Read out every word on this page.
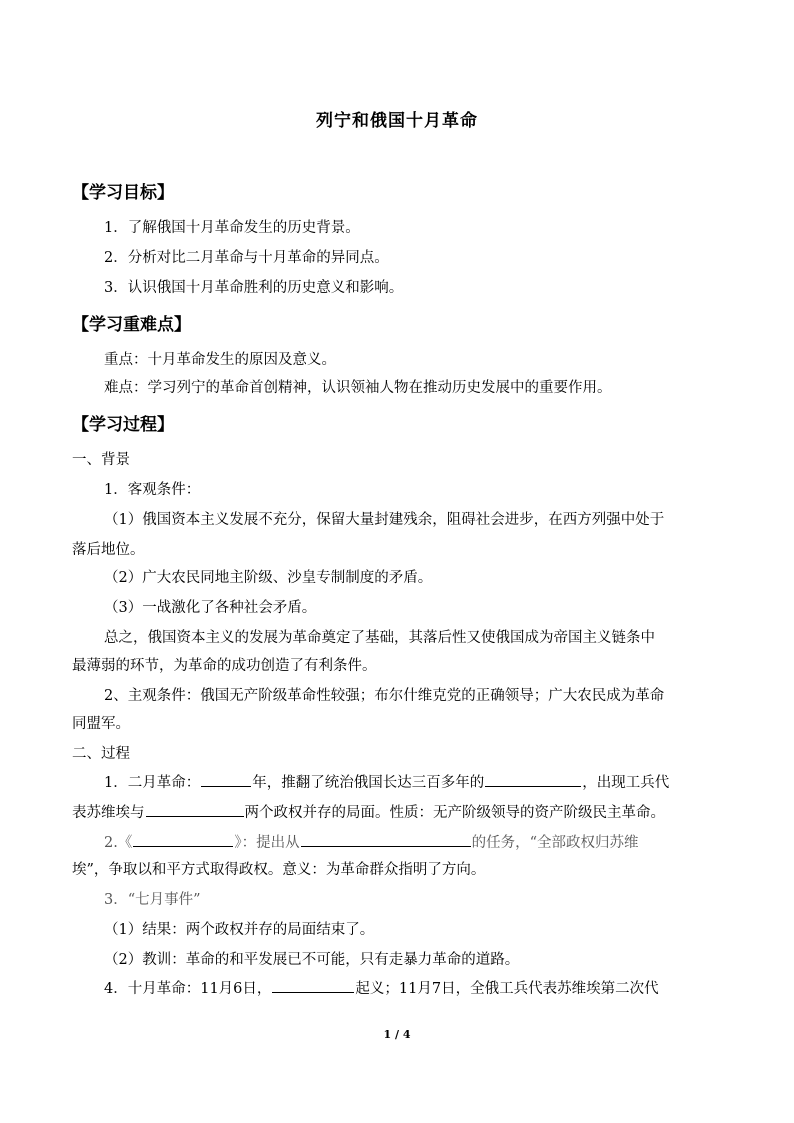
列宁和俄国十月革命
【学习目标】
1．了解俄国十月革命发生的历史背景。
2．分析对比二月革命与十月革命的异同点。
3．认识俄国十月革命胜利的历史意义和影响。
【学习重难点】
重点：十月革命发生的原因及意义。
难点：学习列宁的革命首创精神，认识领袖人物在推动历史发展中的重要作用。
【学习过程】
一、背景
1．客观条件：
（1）俄国资本主义发展不充分，保留大量封建残余，阻碍社会进步，在西方列强中处于
落后地位。
（2）广大农民同地主阶级、沙皇专制制度的矛盾。
（3）一战激化了各种社会矛盾。
总之，俄国资本主义的发展为革命奠定了基础，其落后性又使俄国成为帝国主义链条中
最薄弱的环节，为革命的成功创造了有利条件。
2、主观条件：俄国无产阶级革命性较强；布尔什维克党的正确领导；广大农民成为革命
同盟军。
二、过程
1．二月革命：	年，推翻了统治俄国长达三百多年的	，出现工兵代
表苏维埃与	两个政权并存的局面。性质：无产阶级领导的资产阶级民主革命。
2.《	》：提出从	的任务，“全部政权归苏维
埃”，争取以和平方式取得政权。意义：为革命群众指明了方向。
3．“七月事件”
（1）结果：两个政权并存的局面结束了。
（2）教训：革命的和平发展已不可能，只有走暴力革命的道路。
4．十月革命：11月6日，	起义；11月7日，全俄工兵代表苏维埃第二次代
1 / 4
